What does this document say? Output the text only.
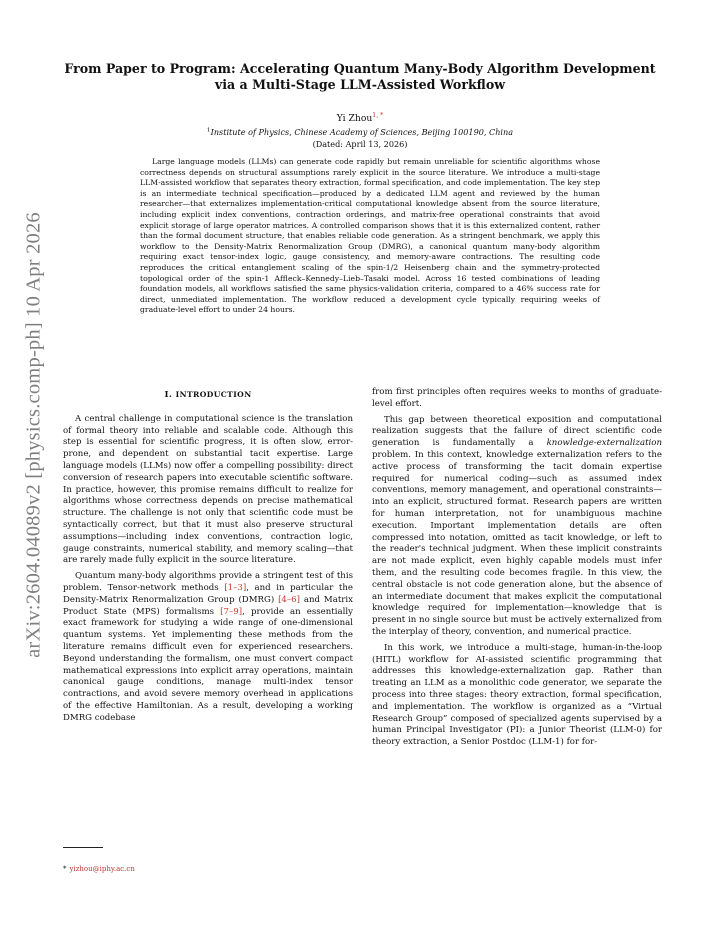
arXiv:2604.04089v2 [physics.comp-ph] 10 Apr 2026
From Paper to Program: Accelerating Quantum Many-Body Algorithm Development
via a Multi-Stage LLM-Assisted Workflow
Yi Zhou$^{1, *}$
$^1$Institute of Physics, Chinese Academy of Sciences, Beijing 100190, China
(Dated: April 13, 2026)
Large language models (LLMs) can generate code rapidly but remain unreliable for scientific algorithms whose correctness depends on structural assumptions rarely explicit in the source literature. We introduce a multi-stage LLM-assisted workflow that separates theory extraction, formal specification, and code implementation. The key step is an intermediate technical specification—produced by a dedicated LLM agent and reviewed by the human researcher—that externalizes implementation-critical computational knowledge absent from the source literature, including explicit index conventions, contraction orderings, and matrix-free operational constraints that avoid explicit storage of large operator matrices. A controlled comparison shows that it is this externalized content, rather than the formal document structure, that enables reliable code generation. As a stringent benchmark, we apply this workflow to the Density-Matrix Renormalization Group (DMRG), a canonical quantum many-body algorithm requiring exact tensor-index logic, gauge consistency, and memory-aware contractions. The resulting code reproduces the critical entanglement scaling of the spin-1/2 Heisenberg chain and the symmetry-protected topological order of the spin-1 Affleck–Kennedy–Lieb–Tasaki model. Across 16 tested combinations of leading foundation models, all workflows satisfied the same physics-validation criteria, compared to a 46% success rate for direct, unmediated implementation. The workflow reduced a development cycle typically requiring weeks of graduate-level effort to under 24 hours.
I. INTRODUCTION

A central challenge in computational science is the translation of formal theory into reliable and scalable code. Although this step is essential for scientific progress, it is often slow, error-prone, and dependent on substantial tacit expertise. Large language models (LLMs) now offer a compelling possibility: direct conversion of research papers into executable scientific software. In practice, however, this promise remains difficult to realize for algorithms whose correctness depends on precise mathematical structure. The challenge is not only that scientific code must be syntactically correct, but that it must also preserve structural assumptions—including index conventions, contraction logic, gauge constraints, numerical stability, and memory scaling—that are rarely made fully explicit in the source literature.

Quantum many-body algorithms provide a stringent test of this problem. Tensor-network methods [1–3], and in particular the Density-Matrix Renormalization Group (DMRG) [4–6] and Matrix Product State (MPS) formalisms [7–9], provide an essentially exact framework for studying a wide range of one-dimensional quantum systems. Yet implementing these methods from the literature remains difficult even for experienced researchers. Beyond understanding the formalism, one must convert compact mathematical expressions into explicit array operations, maintain canonical gauge conditions, manage multi-index tensor contractions, and avoid severe memory overhead in applications of the effective Hamiltonian. As a result, developing a working DMRG codebase

from first principles often requires weeks to months of graduate-level effort.

This gap between theoretical exposition and computational realization suggests that the failure of direct scientific code generation is fundamentally a knowledge-externalization problem. In this context, knowledge externalization refers to the active process of transforming the tacit domain expertise required for numerical coding—such as assumed index conventions, memory management, and operational constraints—into an explicit, structured format. Research papers are written for human interpretation, not for unambiguous machine execution. Important implementation details are often compressed into notation, omitted as tacit knowledge, or left to the reader's technical judgment. When these implicit constraints are not made explicit, even highly capable models must infer them, and the resulting code becomes fragile. In this view, the central obstacle is not code generation alone, but the absence of an intermediate document that makes explicit the computational knowledge required for implementation—knowledge that is present in no single source but must be actively externalized from the interplay of theory, convention, and numerical practice.

In this work, we introduce a multi-stage, human-in-the-loop (HITL) workflow for AI-assisted scientific programming that addresses this knowledge-externalization gap. Rather than treating an LLM as a monolithic code generator, we separate the process into three stages: theory extraction, formal specification, and implementation. The workflow is organized as a “Virtual Research Group” composed of specialized agents supervised by a human Principal Investigator (PI): a Junior Theorist (LLM-0) for theory extraction, a Senior Postdoc (LLM-1) for for-

* yizhou@iphy.ac.cn
